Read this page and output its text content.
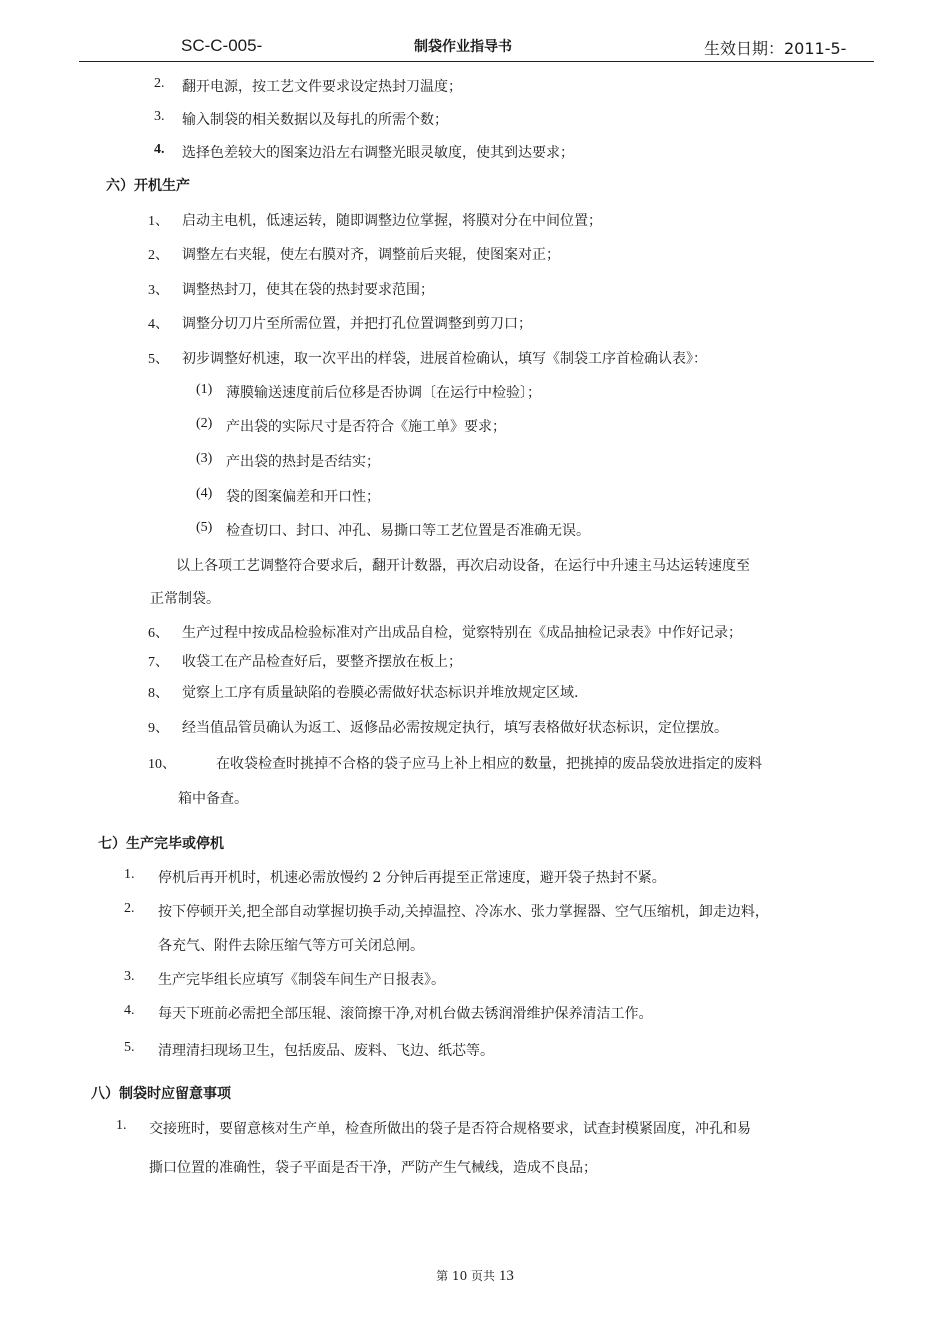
SC-C-005-	制袋作业指导书	生效日期：2011-5-
2. 翻开电源，按工艺文件要求设定热封刀温度；
3. 输入制袋的相关数据以及每扎的所需个数；
4. 选择色差较大的图案边沿左右调整光眼灵敏度，使其到达要求；
六）开机生产
1、 启动主电机，低速运转，随即调整边位掌握，将膜对分在中间位置；
2、 调整左右夹辊，使左右膜对齐，调整前后夹辊，使图案对正；
3、 调整热封刀，使其在袋的热封要求范围；
4、 调整分切刀片至所需位置，并把打孔位置调整到剪刀口；
5、 初步调整好机速，取一次平出的样袋，进展首检确认，填写《制袋工序首检确认表》：
(1) 薄膜输送速度前后位移是否协调〔在运行中检验〕；
(2) 产出袋的实际尺寸是否符合《施工单》要求；
(3) 产出袋的热封是否结实；
(4) 袋的图案偏差和开口性；
(5) 检查切口、封口、冲孔、易撕口等工艺位置是否准确无误。
以上各项工艺调整符合要求后，翻开计数器，再次启动设备，在运行中升速主马达运转速度至
正常制袋。
6、 生产过程中按成品检验标准对产出成品自检，觉察特别在《成品抽检记录表》中作好记录；
7、 收袋工在产品检查好后，要整齐摆放在板上；
8、 觉察上工序有质量缺陷的卷膜必需做好状态标识并堆放规定区域.
9、 经当值品管员确认为返工、返修品必需按规定执行，填写表格做好状态标识，定位摆放。
10、	在收袋检查时挑掉不合格的袋子应马上补上相应的数量，把挑掉的废品袋放进指定的废料
箱中备查。
七）生产完毕或停机
1. 停机后再开机时，机速必需放慢约 2 分钟后再提至正常速度，避开袋子热封不紧。
2. 按下停顿开关,把全部自动掌握切换手动,关掉温控、冷冻水、张力掌握器、空气压缩机，卸走边料，
各充气、附件去除压缩气等方可关闭总闸。
3. 生产完毕组长应填写《制袋车间生产日报表》。
4. 每天下班前必需把全部压辊、滚筒擦干净,对机台做去锈润滑维护保养清洁工作。
5. 清理清扫现场卫生，包括废品、废料、飞边、纸芯等。
八）制袋时应留意事项
1. 交接班时，要留意核对生产单，检查所做出的袋子是否符合规格要求，试查封模紧固度，冲孔和易
撕口位置的准确性，袋子平面是否干净，严防产生气械线，造成不良品；
第 10 页共 13
